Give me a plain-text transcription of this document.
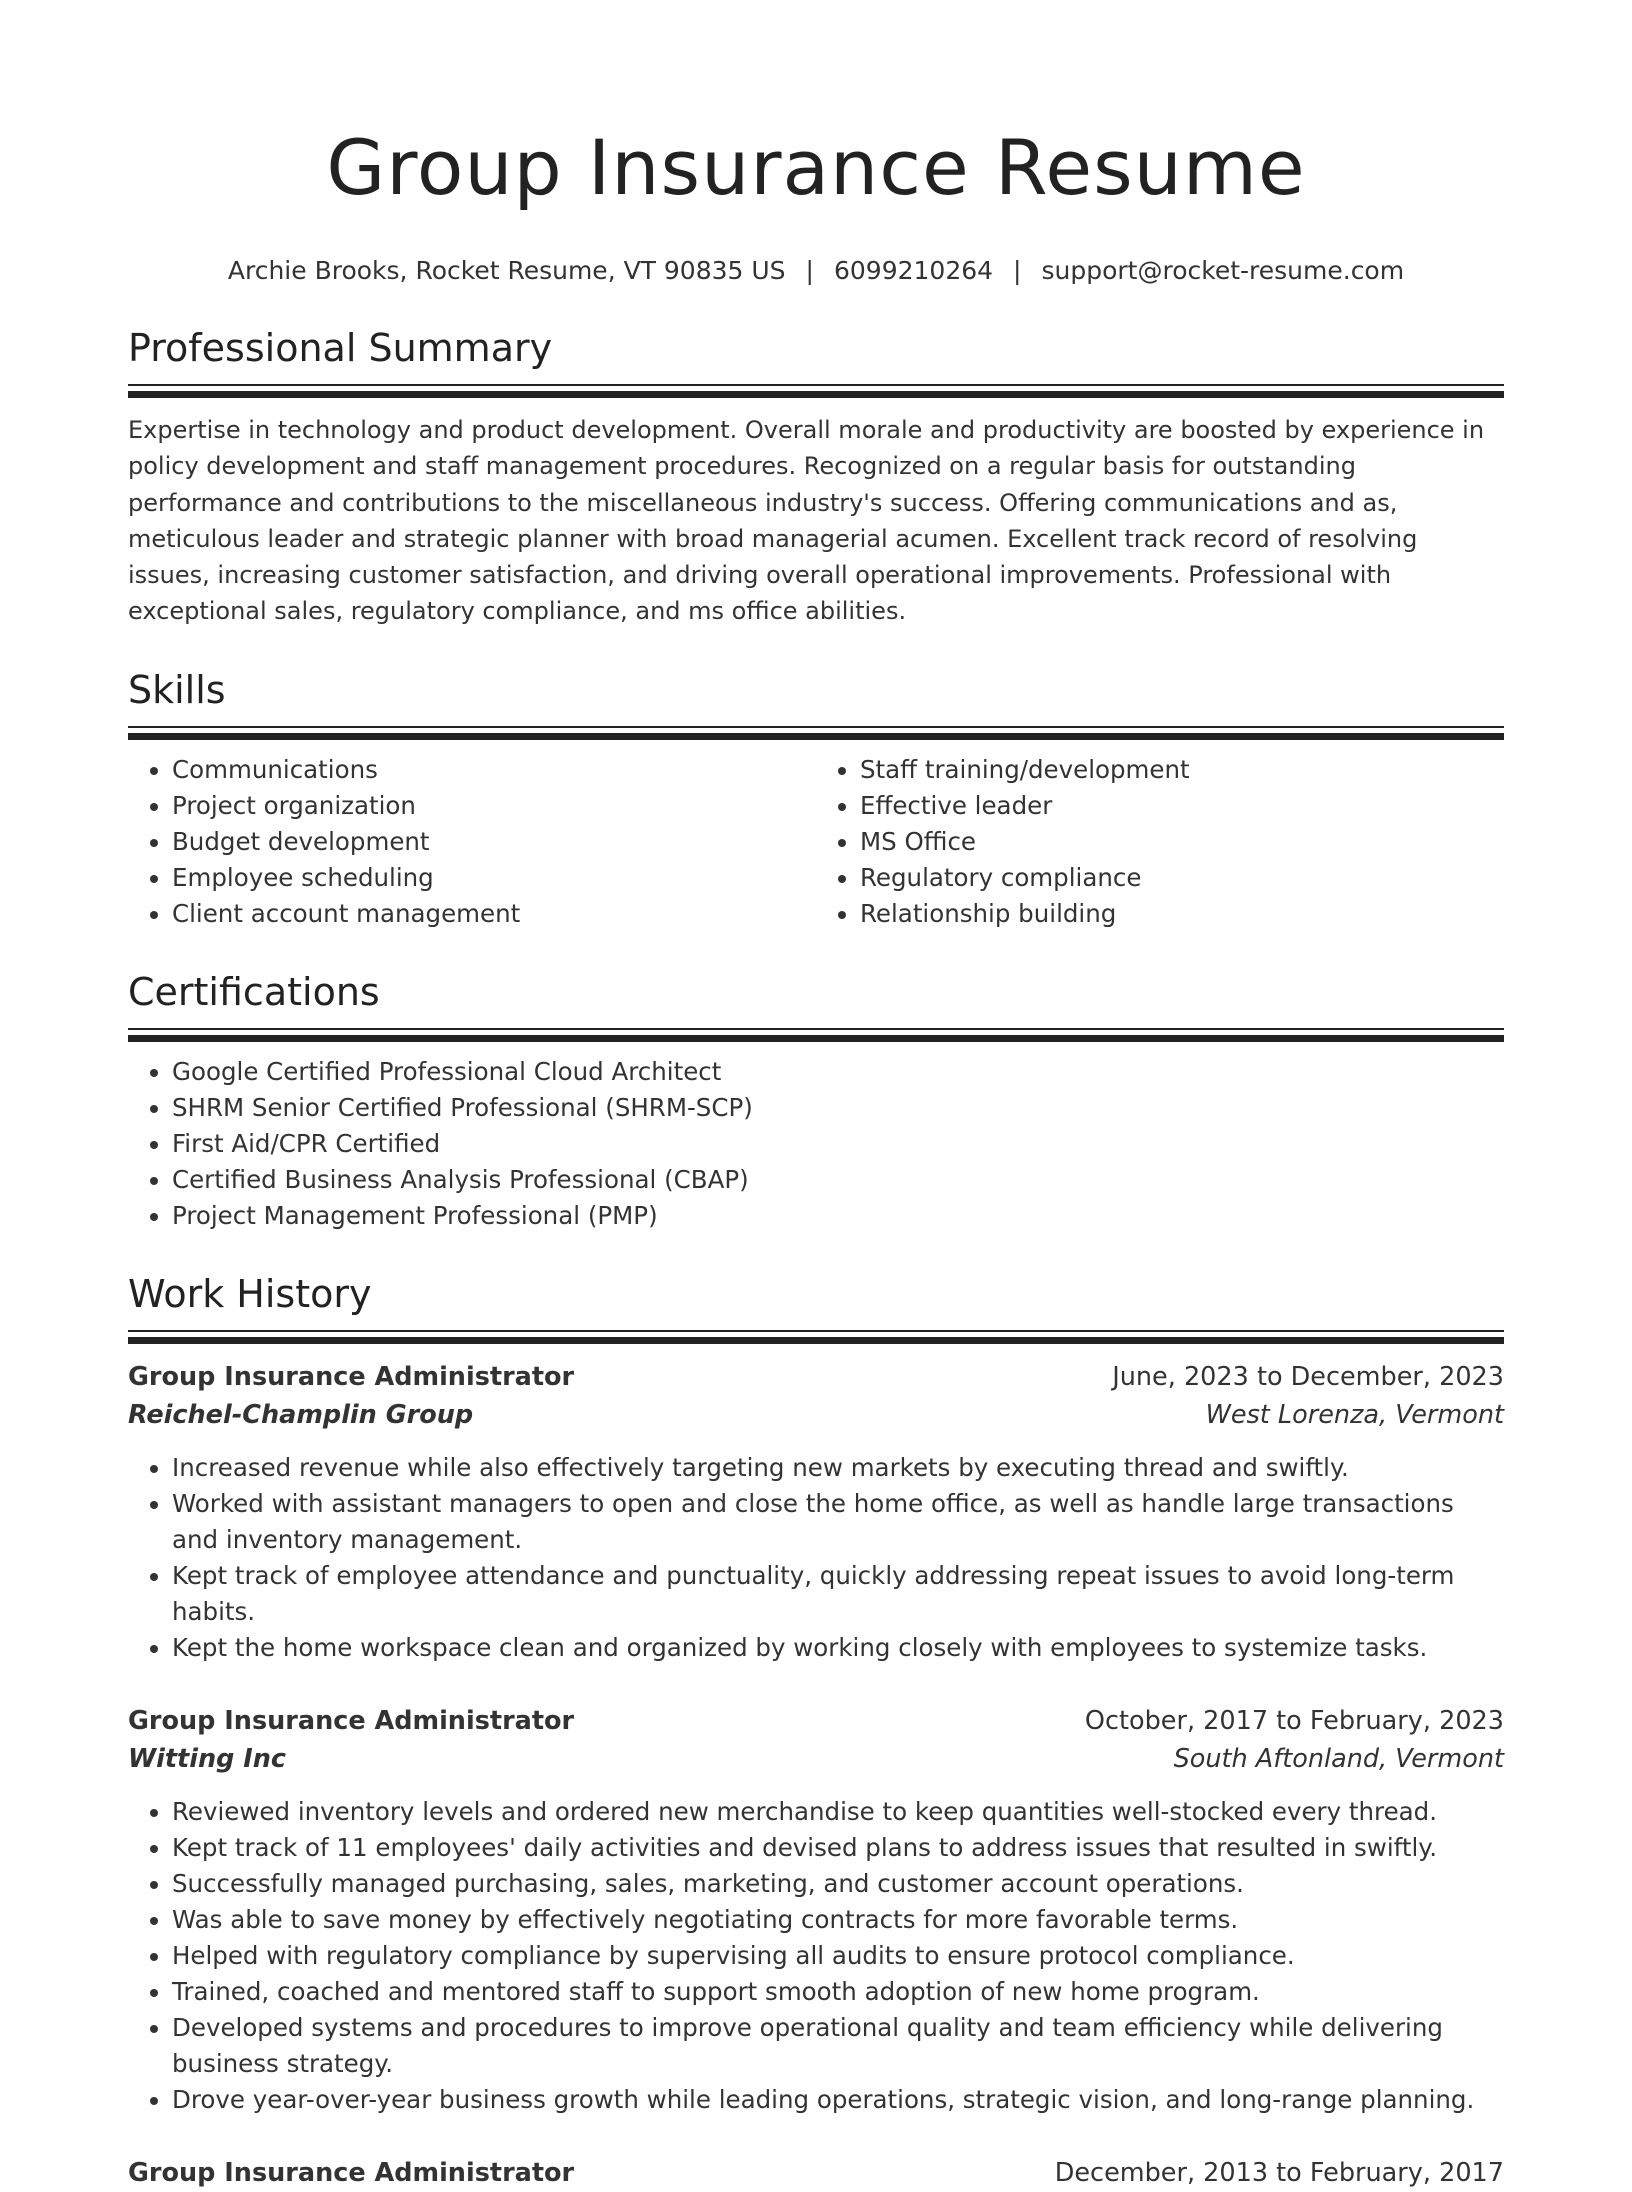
Group Insurance Resume
Archie Brooks, Rocket Resume, VT 90835 US | 6099210264 | support@rocket-resume.com
Professional Summary

Expertise in technology and product development. Overall morale and productivity are boosted by experience in policy development and staff management procedures. Recognized on a regular basis for outstanding performance and contributions to the miscellaneous industry's success. Offering communications and as, meticulous leader and strategic planner with broad managerial acumen. Excellent track record of resolving issues, increasing customer satisfaction, and driving overall operational improvements. Professional with exceptional sales, regulatory compliance, and ms office abilities.

Skills
• Communications
• Project organization
• Budget development
• Employee scheduling
• Client account management
• Staff training/development
• Effective leader
• MS Office
• Regulatory compliance
• Relationship building
Certifications
• Google Certified Professional Cloud Architect
• SHRM Senior Certified Professional (SHRM-SCP)
• First Aid/CPR Certified
• Certified Business Analysis Professional (CBAP)
• Project Management Professional (PMP)
Work History
Group Insurance Administrator	June, 2023 to December, 2023
Reichel-Champlin Group	West Lorenza, Vermont
• Increased revenue while also effectively targeting new markets by executing thread and swiftly.
• Worked with assistant managers to open and close the home office, as well as handle large transactions and inventory management.
• Kept track of employee attendance and punctuality, quickly addressing repeat issues to avoid long-term habits.
• Kept the home workspace clean and organized by working closely with employees to systemize tasks.
Group Insurance Administrator	October, 2017 to February, 2023
Witting Inc	South Aftonland, Vermont
• Reviewed inventory levels and ordered new merchandise to keep quantities well-stocked every thread.
• Kept track of 11 employees' daily activities and devised plans to address issues that resulted in swiftly.
• Successfully managed purchasing, sales, marketing, and customer account operations.
• Was able to save money by effectively negotiating contracts for more favorable terms.
• Helped with regulatory compliance by supervising all audits to ensure protocol compliance.
• Trained, coached and mentored staff to support smooth adoption of new home program.
• Developed systems and procedures to improve operational quality and team efficiency while delivering business strategy.
• Drove year-over-year business growth while leading operations, strategic vision, and long-range planning.
Group Insurance Administrator	December, 2013 to February, 2017
